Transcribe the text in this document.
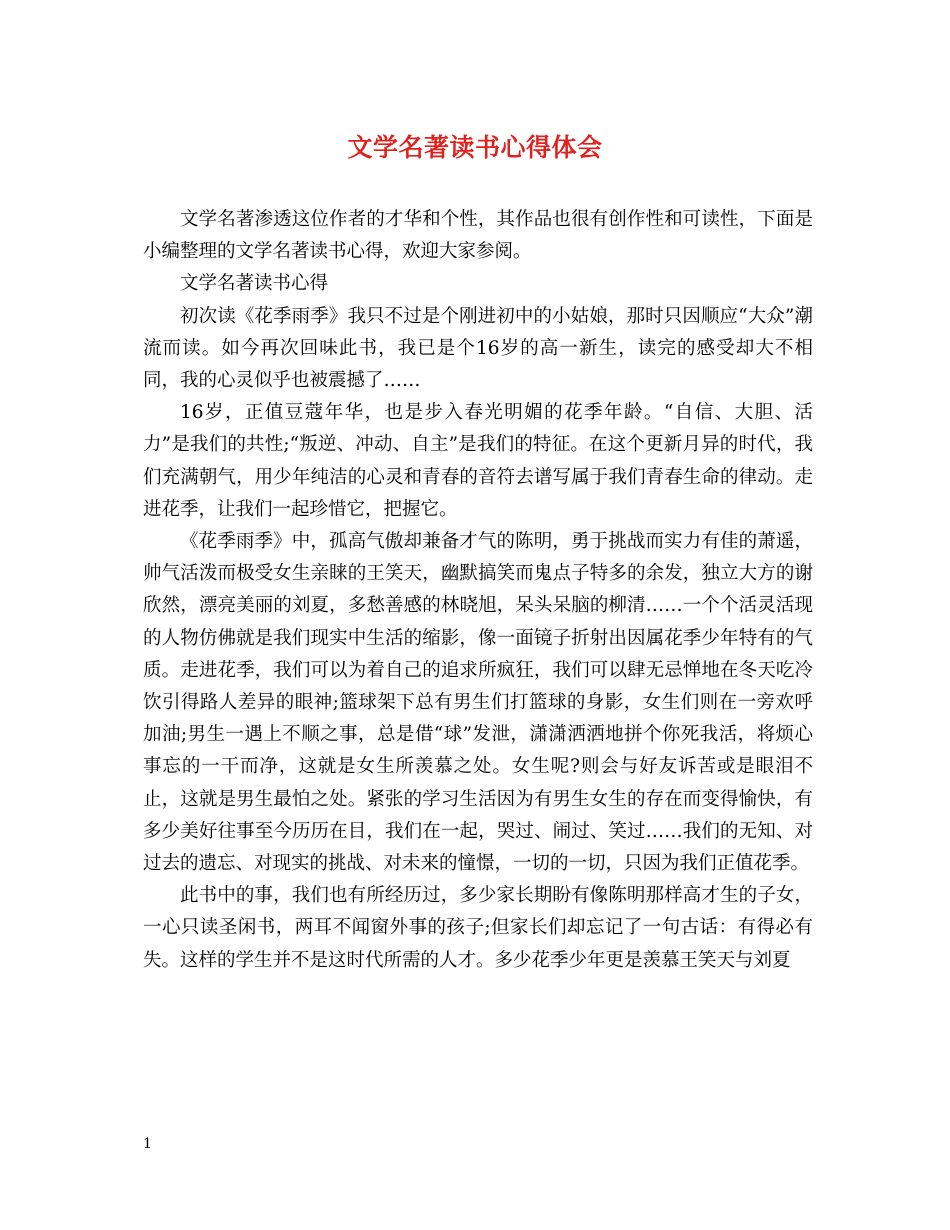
文学名著读书心得体会

文学名著渗透这位作者的才华和个性，其作品也很有创作性和可读性，下面是小编整理的文学名著读书心得，欢迎大家参阅。

文学名著读书心得

初次读《花季雨季》我只不过是个刚进初中的小姑娘，那时只因顺应“大众”潮流而读。如今再次回味此书，我已是个16岁的高一新生，读完的感受却大不相同，我的心灵似乎也被震撼了……

16岁，正值豆蔻年华，也是步入春光明媚的花季年龄。“自信、大胆、活力”是我们的共性;“叛逆、冲动、自主”是我们的特征。在这个更新月异的时代，我们充满朝气，用少年纯洁的心灵和青春的音符去谱写属于我们青春生命的律动。走进花季，让我们一起珍惜它，把握它。

《花季雨季》中，孤高气傲却兼备才气的陈明，勇于挑战而实力有佳的萧遥，帅气活泼而极受女生亲睐的王笑天，幽默搞笑而鬼点子特多的余发，独立大方的谢欣然，漂亮美丽的刘夏，多愁善感的林晓旭，呆头呆脑的柳清……一个个活灵活现的人物仿佛就是我们现实中生活的缩影，像一面镜子折射出因属花季少年特有的气质。走进花季，我们可以为着自己的追求所疯狂，我们可以肆无忌惮地在冬天吃冷饮引得路人差异的眼神;篮球架下总有男生们打篮球的身影，女生们则在一旁欢呼加油;男生一遇上不顺之事，总是借“球”发泄，潇潇洒洒地拼个你死我活，将烦心事忘的一干而净，这就是女生所羡慕之处。女生呢?则会与好友诉苦或是眼泪不止，这就是男生最怕之处。紧张的学习生活因为有男生女生的存在而变得愉快，有多少美好往事至今历历在目，我们在一起，哭过、闹过、笑过……我们的无知、对过去的遗忘、对现实的挑战、对未来的憧憬，一切的一切，只因为我们正值花季。

此书中的事，我们也有所经历过，多少家长期盼有像陈明那样高才生的子女，一心只读圣闲书，两耳不闻窗外事的孩子;但家长们却忘记了一句古话：有得必有失。这样的学生并不是这时代所需的人才。多少花季少年更是羡慕王笑天与刘夏

1
